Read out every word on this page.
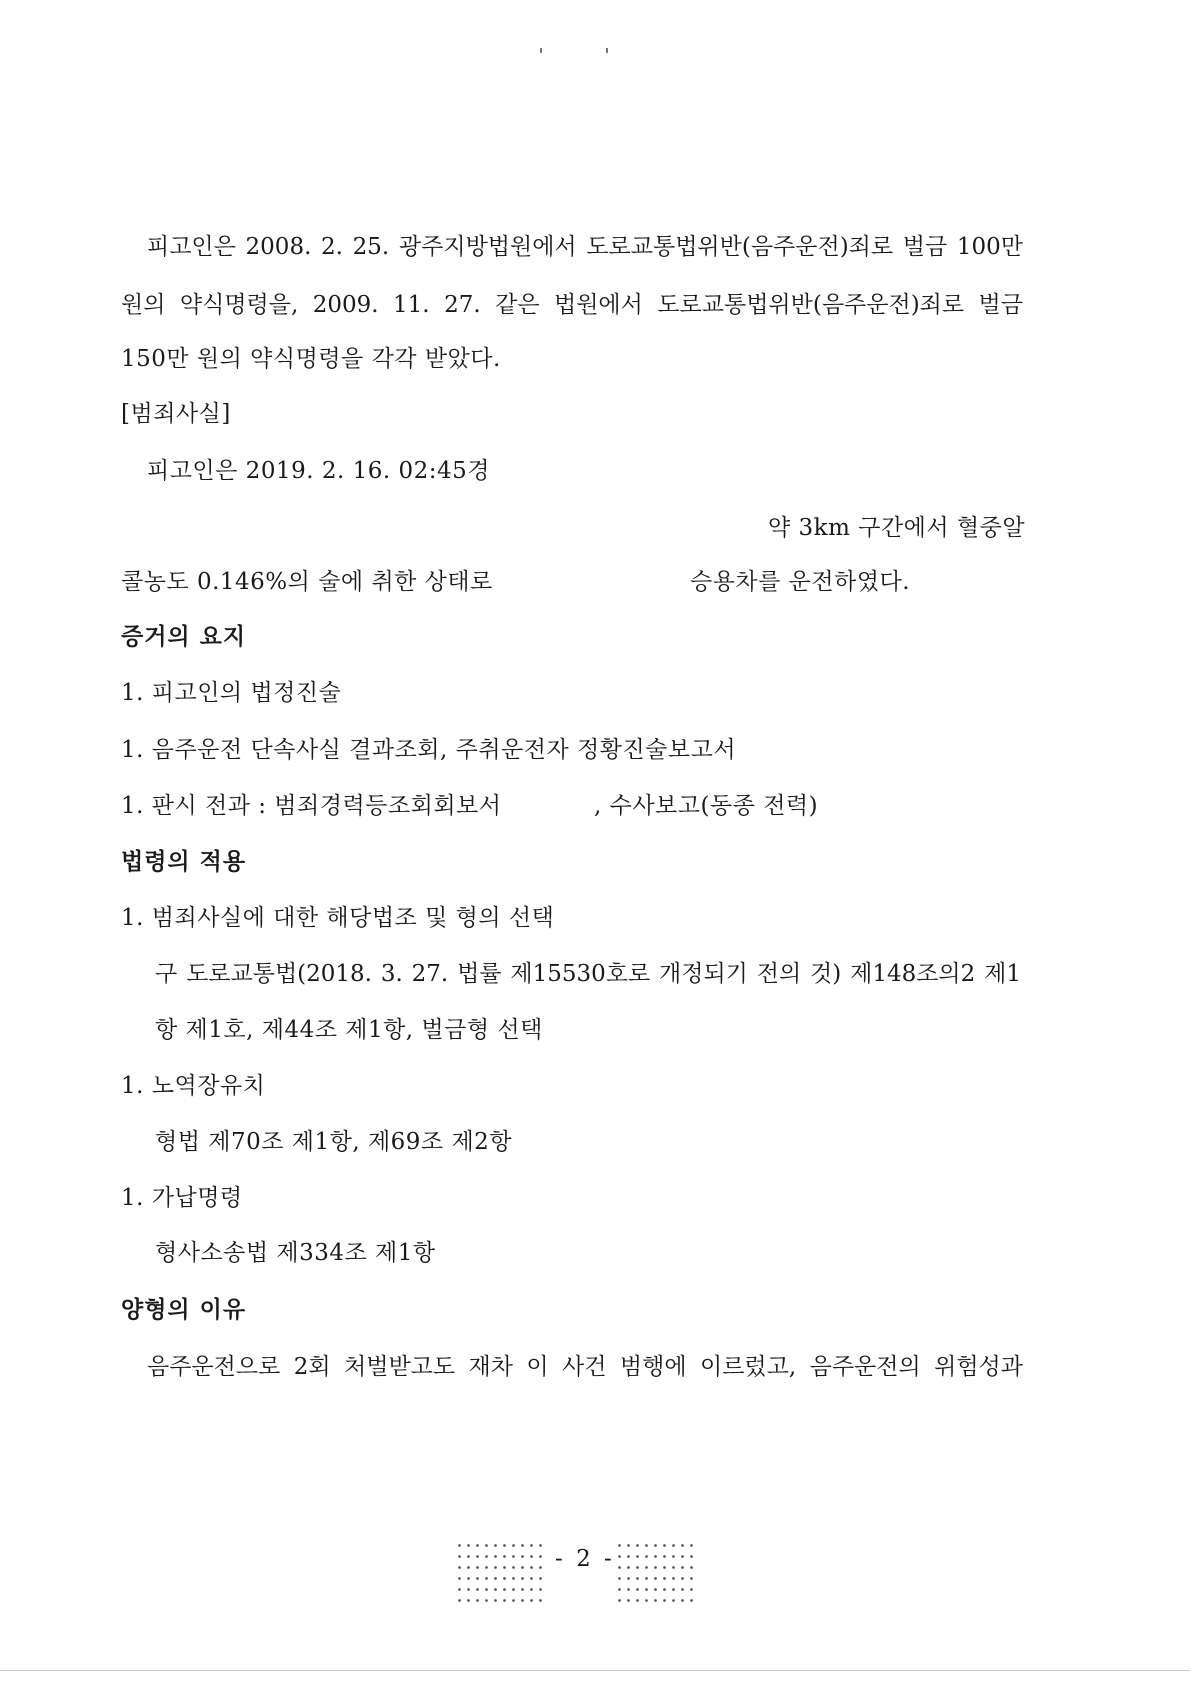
피고인은 2008. 2. 25. 광주지방법원에서 도로교통법위반(음주운전)죄로 벌금 100만
원의 약식명령을, 2009. 11. 27. 같은 법원에서 도로교통법위반(음주운전)죄로 벌금
150만 원의 약식명령을 각각 받았다.
[범죄사실]
피고인은 2019. 2. 16. 02:45경
약 3km 구간에서 혈중알
콜농도 0.146%의 술에 취한 상태로	승용차를 운전하였다.
증거의 요지
1. 피고인의 법정진술
1. 음주운전 단속사실 결과조회, 주취운전자 정황진술보고서
1. 판시 전과 : 범죄경력등조회회보서	, 수사보고(동종 전력)
법령의 적용
1. 범죄사실에 대한 해당법조 및 형의 선택
구 도로교통법(2018. 3. 27. 법률 제15530호로 개정되기 전의 것) 제148조의2 제1
항 제1호, 제44조 제1항, 벌금형 선택
1. 노역장유치
형법 제70조 제1항, 제69조 제2항
1. 가납명령
형사소송법 제334조 제1항
양형의 이유
음주운전으로 2회 처벌받고도 재차 이 사건 범행에 이르렀고, 음주운전의 위험성과
- 2 -
